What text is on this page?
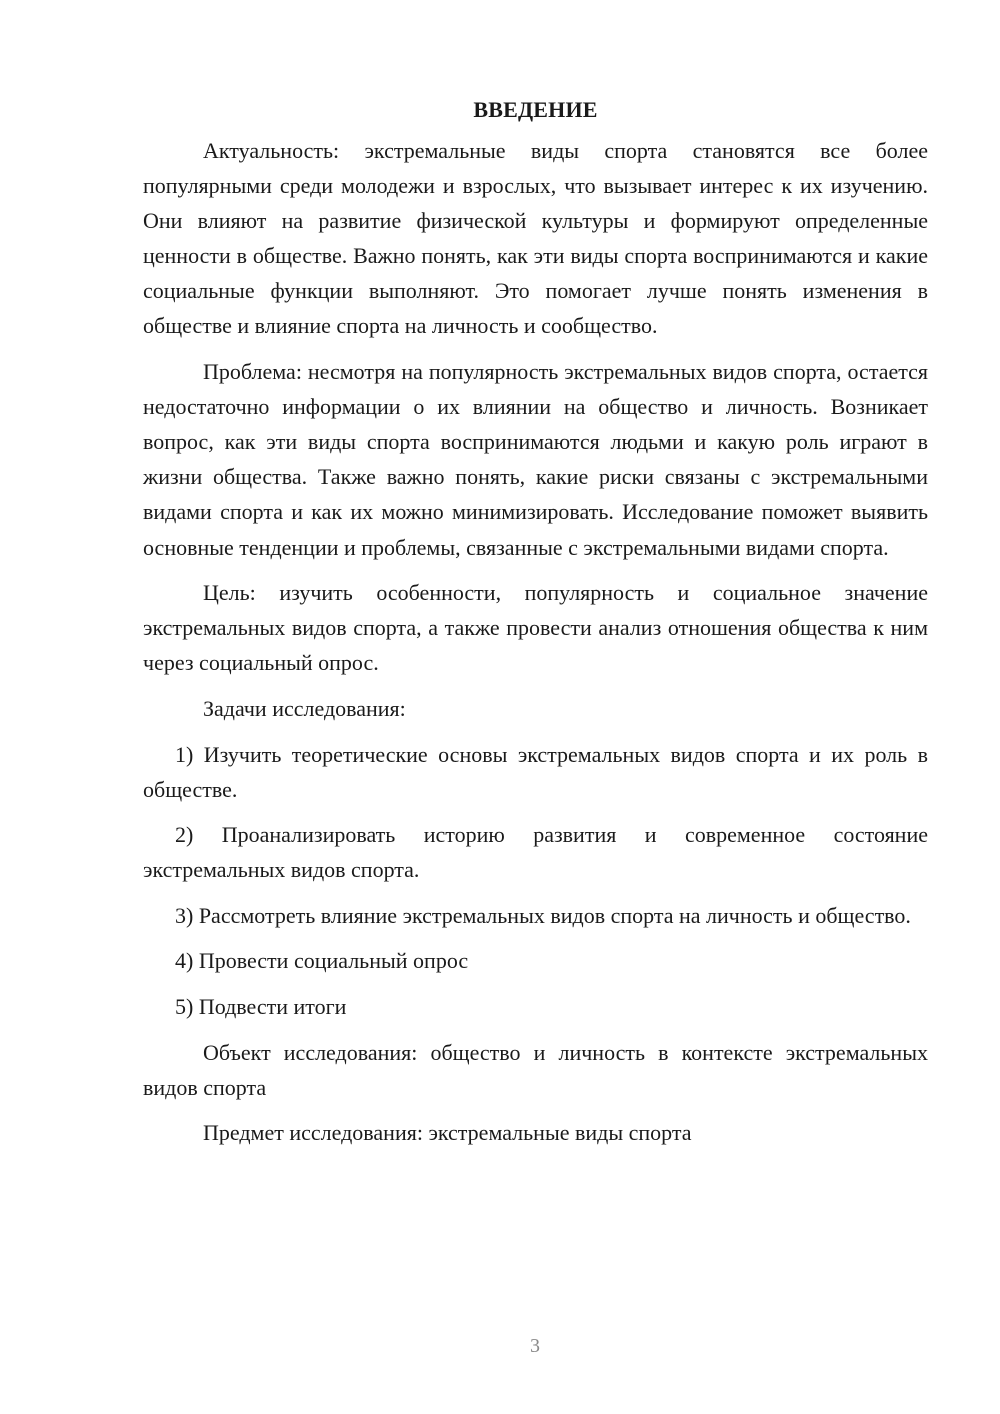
ВВЕДЕНИЕ

Актуальность: экстремальные виды спорта становятся все более популярными среди молодежи и взрослых, что вызывает интерес к их изучению. Они влияют на развитие физической культуры и формируют определенные ценности в обществе. Важно понять, как эти виды спорта воспринимаются и какие социальные функции выполняют. Это помогает лучше понять изменения в обществе и влияние спорта на личность и сообщество.

Проблема: несмотря на популярность экстремальных видов спорта, остается недостаточно информации о их влиянии на общество и личность. Возникает вопрос, как эти виды спорта воспринимаются людьми и какую роль играют в жизни общества. Также важно понять, какие риски связаны с экстремальными видами спорта и как их можно минимизировать. Исследование поможет выявить основные тенденции и проблемы, связанные с экстремальными видами спорта.

Цель: изучить особенности, популярность и социальное значение экстремальных видов спорта, а также провести анализ отношения общества к ним через социальный опрос.

Задачи исследования:

1) Изучить теоретические основы экстремальных видов спорта и их роль в обществе.

2) Проанализировать историю развития и современное состояние экстремальных видов спорта.

3) Рассмотреть влияние экстремальных видов спорта на личность и общество.

4) Провести социальный опрос

5) Подвести итоги

Объект исследования: общество и личность в контексте экстремальных видов спорта

Предмет исследования: экстремальные виды спорта

3
